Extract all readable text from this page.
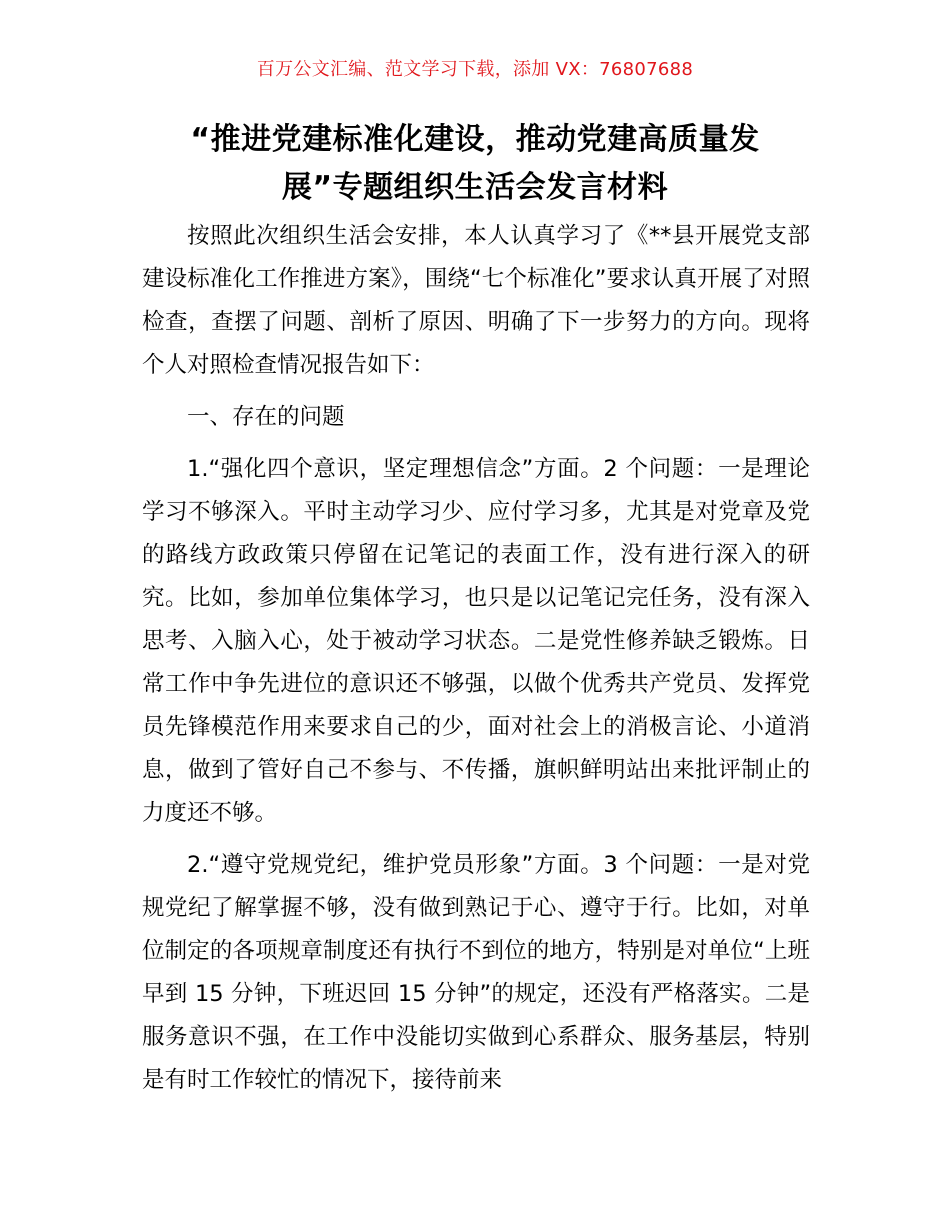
百万公文汇编、范文学习下载，添加 VX：76807688
“推进党建标准化建设，推动党建高质量发展”专题组织生活会发言材料

按照此次组织生活会安排，本人认真学习了《**县开展党支部建设标准化工作推进方案》，围绕“七个标准化”要求认真开展了对照检查，查摆了问题、剖析了原因、明确了下一步努力的方向。现将个人对照检查情况报告如下：

一、存在的问题

1.“强化四个意识，坚定理想信念”方面。2 个问题：一是理论学习不够深入。平时主动学习少、应付学习多，尤其是对党章及党的路线方政政策只停留在记笔记的表面工作，没有进行深入的研究。比如，参加单位集体学习，也只是以记笔记完任务，没有深入思考、入脑入心，处于被动学习状态。二是党性修养缺乏锻炼。日常工作中争先进位的意识还不够强，以做个优秀共产党员、发挥党员先锋模范作用来要求自己的少，面对社会上的消极言论、小道消息，做到了管好自己不参与、不传播，旗帜鲜明站出来批评制止的力度还不够。

2.“遵守党规党纪，维护党员形象”方面。3 个问题：一是对党规党纪了解掌握不够，没有做到熟记于心、遵守于行。比如，对单位制定的各项规章制度还有执行不到位的地方，特别是对单位“上班早到 15 分钟，下班迟回 15 分钟”的规定，还没有严格落实。二是服务意识不强，在工作中没能切实做到心系群众、服务基层，特别是有时工作较忙的情况下，接待前来
